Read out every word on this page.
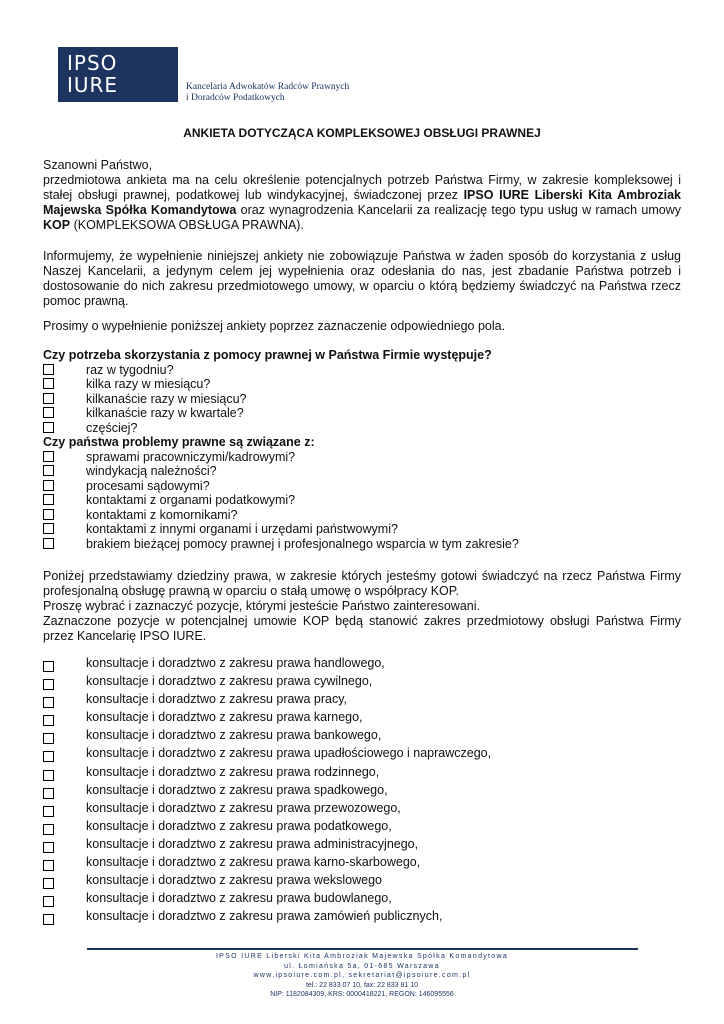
IPSO
IURE	Kancelaria Adwokatów Radców Prawnych
i Doradców Podatkowych
ANKIETA DOTYCZĄCA KOMPLEKSOWEJ OBSŁUGI PRAWNEJ

Szanowni Państwo,

przedmiotowa ankieta ma na celu określenie potencjalnych potrzeb Państwa Firmy, w zakresie kompleksowej i stałej obsługi prawnej, podatkowej lub windykacyjnej, świadczonej przez IPSO IURE Liberski Kita Ambroziak Majewska Spółka Komandytowa oraz wynagrodzenia Kancelarii za realizację tego typu usług w ramach umowy KOP (KOMPLEKSOWA OBSŁUGA PRAWNA).

Informujemy, że wypełnienie niniejszej ankiety nie zobowiązuje Państwa w żaden sposób do korzystania z usług Naszej Kancelarii, a jedynym celem jej wypełnienia oraz odesłania do nas, jest zbadanie Państwa potrzeb i dostosowanie do nich zakresu przedmiotowego umowy, w oparciu o którą będziemy świadczyć na Państwa rzecz pomoc prawną.

Prosimy o wypełnienie poniższej ankiety poprzez zaznaczenie odpowiedniego pola.

Czy potrzeba skorzystania z pomocy prawnej w Państwa Firmie występuje?
raz w tygodniu?
kilka razy w miesiącu?
kilkanaście razy w miesiącu?
kilkanaście razy w kwartale?
częściej?
Czy państwa problemy prawne są związane z:
sprawami pracowniczymi/kadrowymi?
windykacją należności?
procesami sądowymi?
kontaktami z organami podatkowymi?
kontaktami z komornikami?
kontaktami z innymi organami i urzędami państwowymi?
brakiem bieżącej pomocy prawnej i profesjonalnego wsparcia w tym zakresie?

Poniżej przedstawiamy dziedziny prawa, w zakresie których jesteśmy gotowi świadczyć na rzecz Państwa Firmy profesjonalną obsługę prawną w oparciu o stałą umowę o współpracy KOP.

Proszę wybrać i zaznaczyć pozycje, którymi jesteście Państwo zainteresowani.

Zaznaczone pozycje w potencjalnej umowie KOP będą stanowić zakres przedmiotowy obsługi Państwa Firmy przez Kancelarię IPSO IURE.

konsultacje i doradztwo z zakresu prawa handlowego,
konsultacje i doradztwo z zakresu prawa cywilnego,
konsultacje i doradztwo z zakresu prawa pracy,
konsultacje i doradztwo z zakresu prawa karnego,
konsultacje i doradztwo z zakresu prawa bankowego,
konsultacje i doradztwo z zakresu prawa upadłościowego i naprawczego,
konsultacje i doradztwo z zakresu prawa rodzinnego,
konsultacje i doradztwo z zakresu prawa spadkowego,
konsultacje i doradztwo z zakresu prawa przewozowego,
konsultacje i doradztwo z zakresu prawa podatkowego,
konsultacje i doradztwo z zakresu prawa administracyjnego,
konsultacje i doradztwo z zakresu prawa karno-skarbowego,
konsultacje i doradztwo z zakresu prawa wekslowego
konsultacje i doradztwo z zakresu prawa budowlanego,
konsultacje i doradztwo z zakresu prawa zamówień publicznych,
IPSO IURE Liberski Kita Ambroziak Majewska Spółka Komandytowa
ul. Łomiańska 5a, 01-685 Warszawa
www.ipsoiure.com.pl, sekretariat@ipsoiure.com.pl
tel.: 22 833 07 10, fax: 22 833 81 10
NIP: 1182084309, KRS: 0000418221, REGON: 146095556
